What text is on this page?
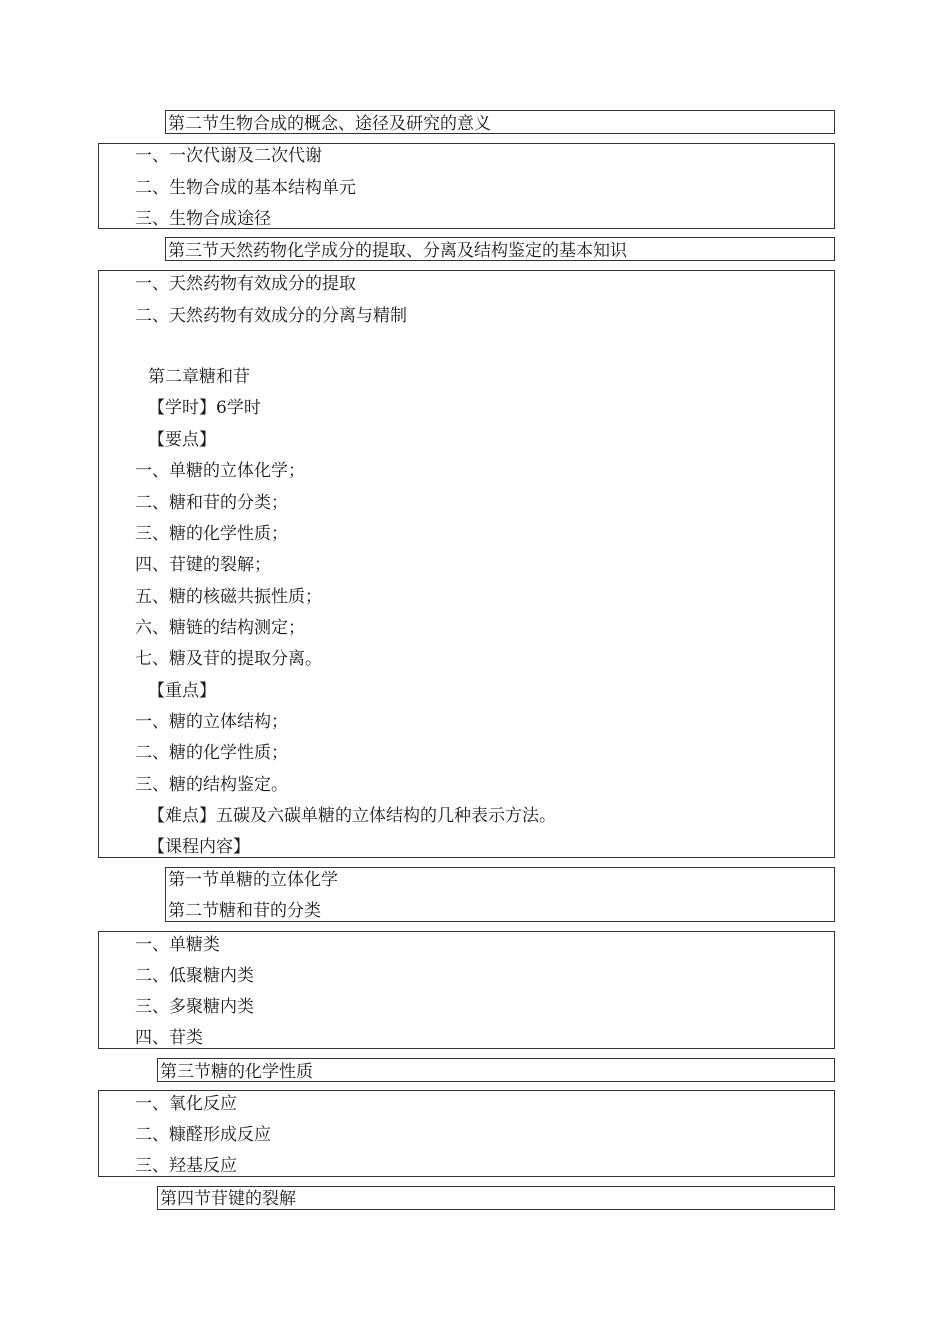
第二节生物合成的概念、途径及研究的意义
一、一次代谢及二次代谢
二、生物合成的基本结构单元
三、生物合成途径
第三节天然药物化学成分的提取、分离及结构鉴定的基本知识
一、天然药物有效成分的提取
二、天然药物有效成分的分离与精制
第二章糖和苷
【学时】6学时
【要点】
一、单糖的立体化学；
二、糖和苷的分类；
三、糖的化学性质；
四、苷键的裂解；
五、糖的核磁共振性质；
六、糖链的结构测定；
七、糖及苷的提取分离。
【重点】
一、糖的立体结构；
二、糖的化学性质；
三、糖的结构鉴定。
【难点】五碳及六碳单糖的立体结构的几种表示方法。
【课程内容】
第一节单糖的立体化学
第二节糖和苷的分类
一、单糖类
二、低聚糖内类
三、多聚糖内类
四、苷类
第三节糖的化学性质
一、氧化反应
二、糠醛形成反应
三、羟基反应
第四节苷键的裂解
